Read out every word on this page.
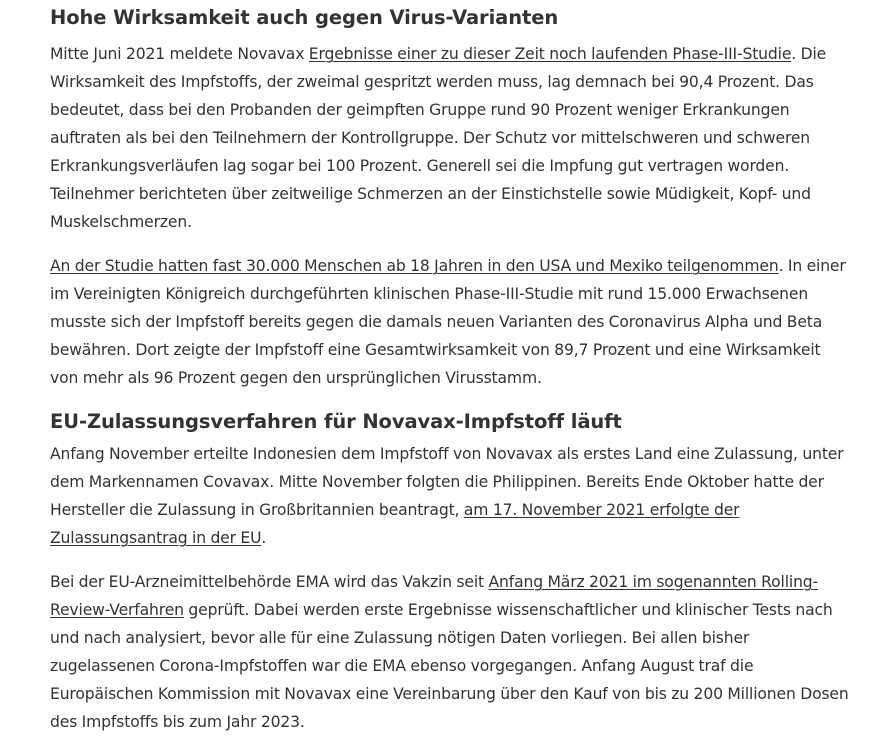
Hohe Wirksamkeit auch gegen Virus-Varianten

Mitte Juni 2021 meldete Novavax Ergebnisse einer zu dieser Zeit noch laufenden Phase-III-Studie. Die Wirksamkeit des Impfstoffs, der zweimal gespritzt werden muss, lag demnach bei 90,4 Prozent. Das bedeutet, dass bei den Probanden der geimpften Gruppe rund 90 Prozent weniger Erkrankungen auftraten als bei den Teilnehmern der Kontrollgruppe. Der Schutz vor mittelschweren und schweren Erkrankungsverläufen lag sogar bei 100 Prozent. Generell sei die Impfung gut vertragen worden. Teilnehmer berichteten über zeitweilige Schmerzen an der Einstichstelle sowie Müdigkeit, Kopf- und Muskelschmerzen.

An der Studie hatten fast 30.000 Menschen ab 18 Jahren in den USA und Mexiko teilgenommen. In einer im Vereinigten Königreich durchgeführten klinischen Phase-III-Studie mit rund 15.000 Erwachsenen musste sich der Impfstoff bereits gegen die damals neuen Varianten des Coronavirus Alpha und Beta bewähren. Dort zeigte der Impfstoff eine Gesamtwirksamkeit von 89,7 Prozent und eine Wirksamkeit von mehr als 96 Prozent gegen den ursprünglichen Virusstamm.

EU-Zulassungsverfahren für Novavax-Impfstoff läuft

Anfang November erteilte Indonesien dem Impfstoff von Novavax als erstes Land eine Zulassung, unter dem Markennamen Covavax. Mitte November folgten die Philippinen. Bereits Ende Oktober hatte der Hersteller die Zulassung in Großbritannien beantragt, am 17. November 2021 erfolgte der Zulassungsantrag in der EU.

Bei der EU-Arzneimittelbehörde EMA wird das Vakzin seit Anfang März 2021 im sogenannten Rolling-Review-Verfahren geprüft. Dabei werden erste Ergebnisse wissenschaftlicher und klinischer Tests nach und nach analysiert, bevor alle für eine Zulassung nötigen Daten vorliegen. Bei allen bisher zugelassenen Corona-Impfstoffen war die EMA ebenso vorgegangen. Anfang August traf die Europäischen Kommission mit Novavax eine Vereinbarung über den Kauf von bis zu 200 Millionen Dosen des Impfstoffs bis zum Jahr 2023.
